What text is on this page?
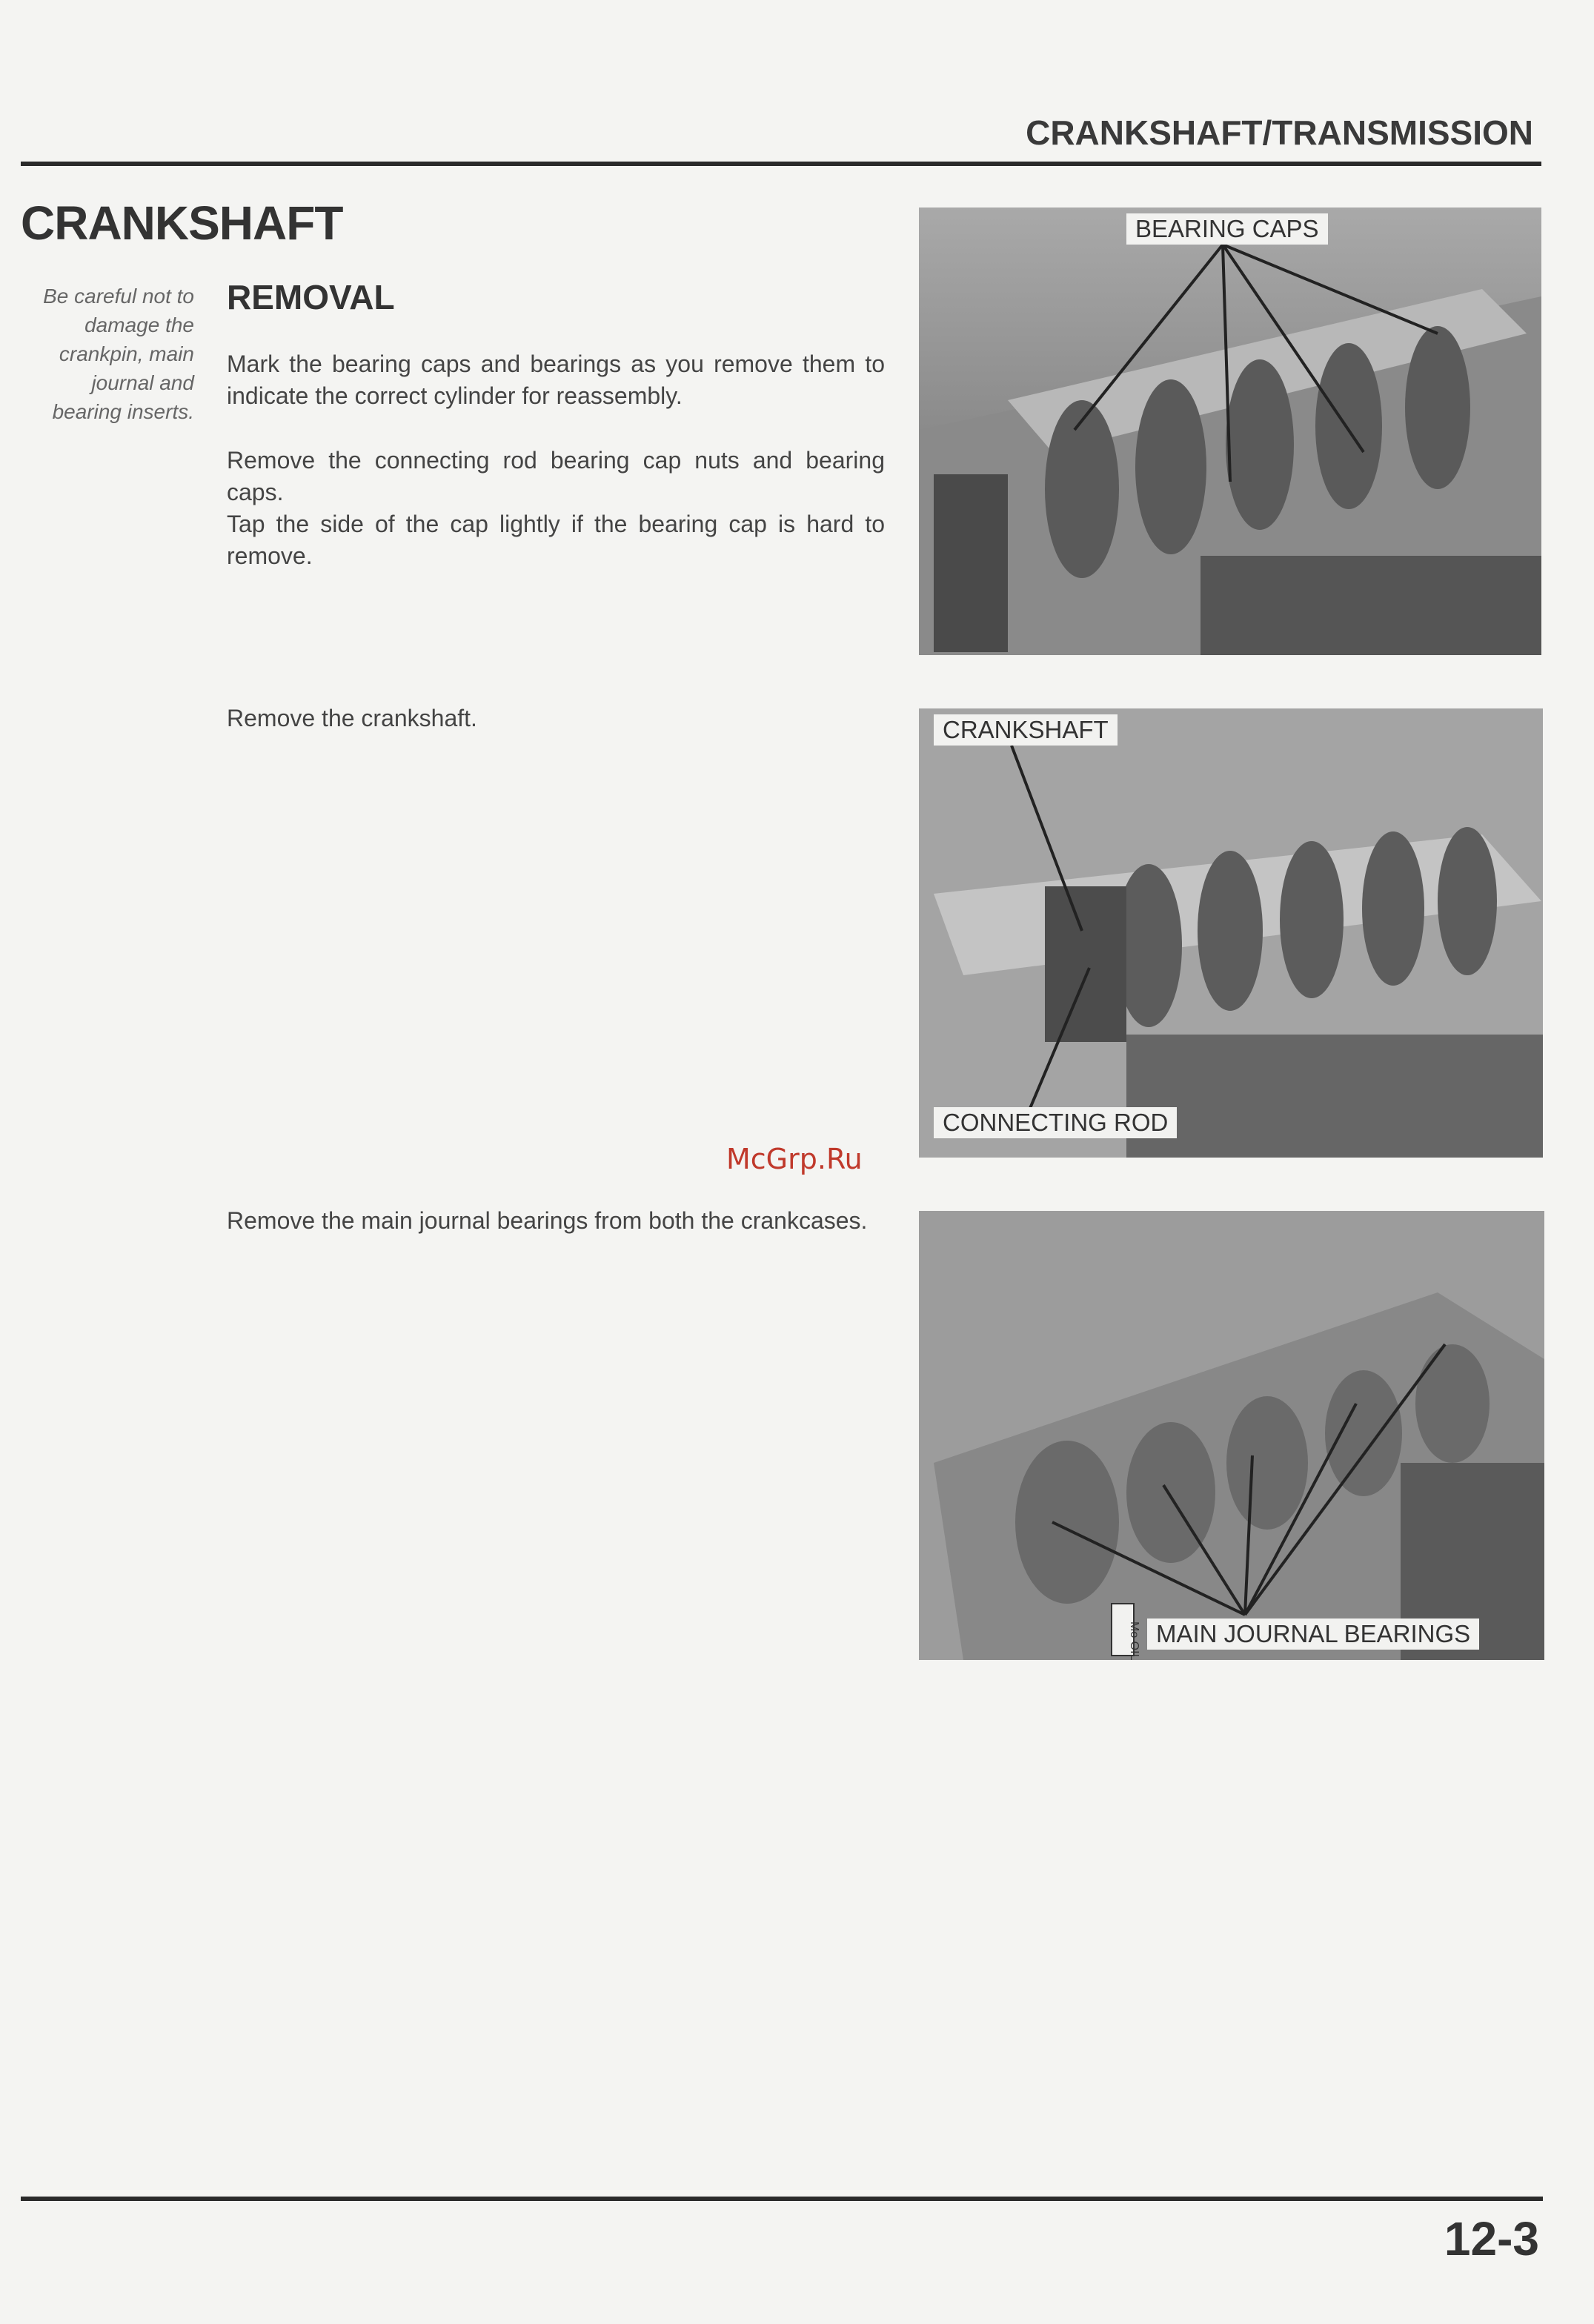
CRANKSHAFT/TRANSMISSION
CRANKSHAFT
Be careful not to damage the crankpin, main journal and bearing inserts.
REMOVAL

Mark the bearing caps and bearings as you remove them to indicate the correct cylinder for reassembly.

Remove the connecting rod bearing cap nuts and bearing caps.

Tap the side of the cap lightly if the bearing cap is hard to remove.

Remove the crankshaft.

Remove the main journal bearings from both the crankcases.

McGrp.Ru
BEARING CAPS
CRANKSHAFT
CONNECTING ROD
Mo OIL MAIN JOURNAL BEARINGS
12-3
